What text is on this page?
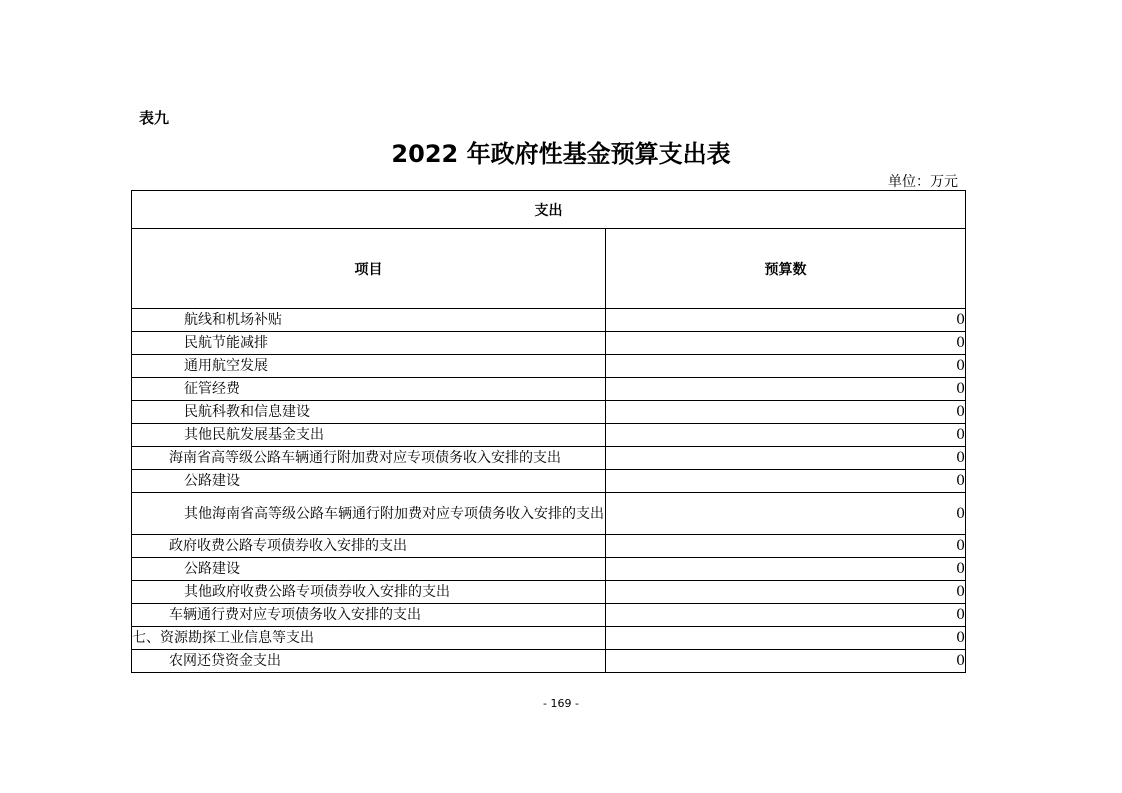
表九
2022 年政府性基金预算支出表
单位：万元
支出	
项目	预算数
航线和机场补贴	0
民航节能减排	0
通用航空发展	0
征管经费	0
民航科教和信息建设	0
其他民航发展基金支出	0
海南省高等级公路车辆通行附加费对应专项债务收入安排的支出	0
公路建设	0
其他海南省高等级公路车辆通行附加费对应专项债务收入安排的支出	0
政府收费公路专项债券收入安排的支出	0
公路建设	0
其他政府收费公路专项债券收入安排的支出	0
车辆通行费对应专项债务收入安排的支出	0
七、资源勘探工业信息等支出	0
农网还贷资金支出	0
- 169 -
